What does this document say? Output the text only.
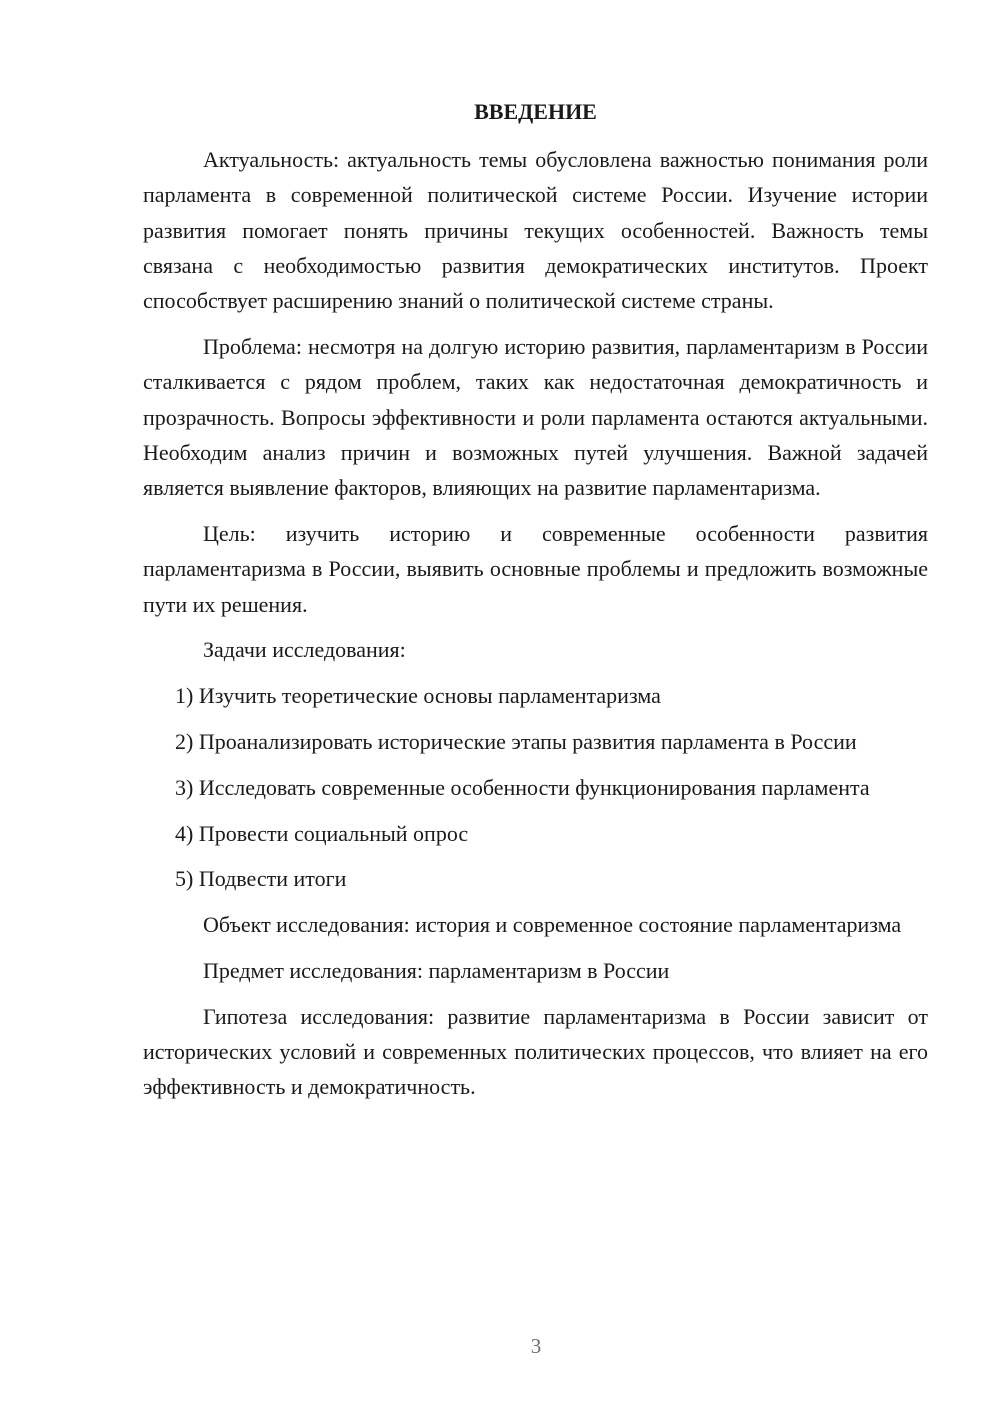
ВВЕДЕНИЕ

Актуальность: актуальность темы обусловлена важностью понимания роли парламента в современной политической системе России. Изучение истории развития помогает понять причины текущих особенностей. Важность темы связана с необходимостью развития демократических институтов. Проект способствует расширению знаний о политической системе страны.

Проблема: несмотря на долгую историю развития, парламентаризм в России сталкивается с рядом проблем, таких как недостаточная демократичность и прозрачность. Вопросы эффективности и роли парламента остаются актуальными. Необходим анализ причин и возможных путей улучшения. Важной задачей является выявление факторов, влияющих на развитие парламентаризма.

Цель: изучить историю и современные особенности развития парламентаризма в России, выявить основные проблемы и предложить возможные пути их решения.

Задачи исследования:

1) Изучить теоретические основы парламентаризма

2) Проанализировать исторические этапы развития парламента в России

3) Исследовать современные особенности функционирования парламента

4) Провести социальный опрос

5) Подвести итоги

Объект исследования: история и современное состояние парламентаризма

Предмет исследования: парламентаризм в России

Гипотеза исследования: развитие парламентаризма в России зависит от исторических условий и современных политических процессов, что влияет на его эффективность и демократичность.

3
